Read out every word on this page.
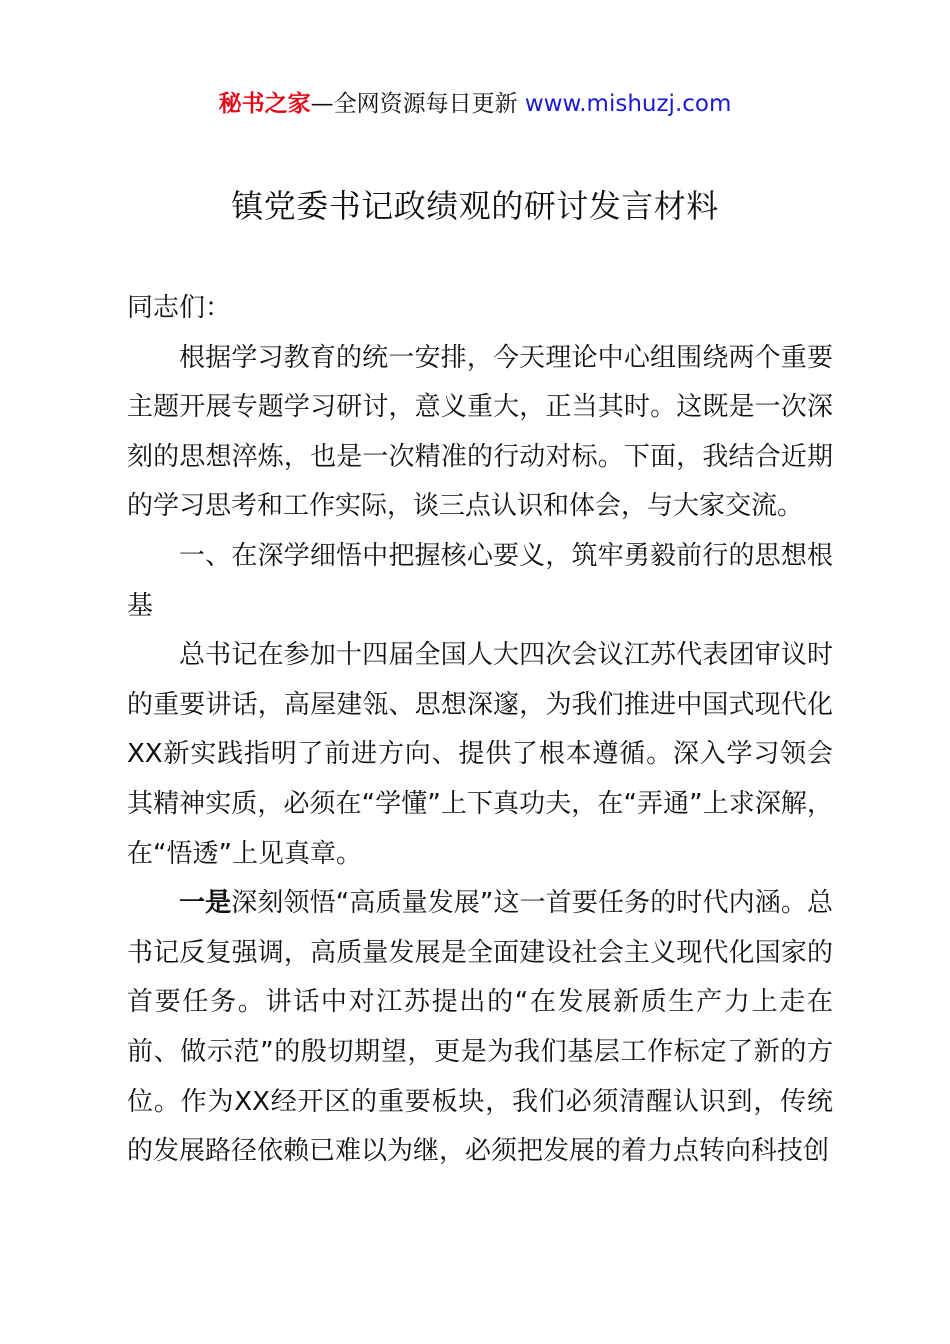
秘书之家—全网资源每日更新 www.mishuzj.com
镇党委书记政绩观的研讨发言材料

同志们：

根据学习教育的统一安排，今天理论中心组围绕两个重要主题开展专题学习研讨，意义重大，正当其时。这既是一次深刻的思想淬炼，也是一次精准的行动对标。下面，我结合近期的学习思考和工作实际，谈三点认识和体会，与大家交流。

一、在深学细悟中把握核心要义，筑牢勇毅前行的思想根基

总书记在参加十四届全国人大四次会议江苏代表团审议时的重要讲话，高屋建瓴、思想深邃，为我们推进中国式现代化XX新实践指明了前进方向、提供了根本遵循。深入学习领会其精神实质，必须在“学懂”上下真功夫，在“弄通”上求深解，在“悟透”上见真章。

一是深刻领悟“高质量发展”这一首要任务的时代内涵。总书记反复强调，高质量发展是全面建设社会主义现代化国家的首要任务。讲话中对江苏提出的“在发展新质生产力上走在前、做示范”的殷切期望，更是为我们基层工作标定了新的方位。作为XX经开区的重要板块，我们必须清醒认识到，传统的发展路径依赖已难以为继，必须把发展的着力点转向科技创
